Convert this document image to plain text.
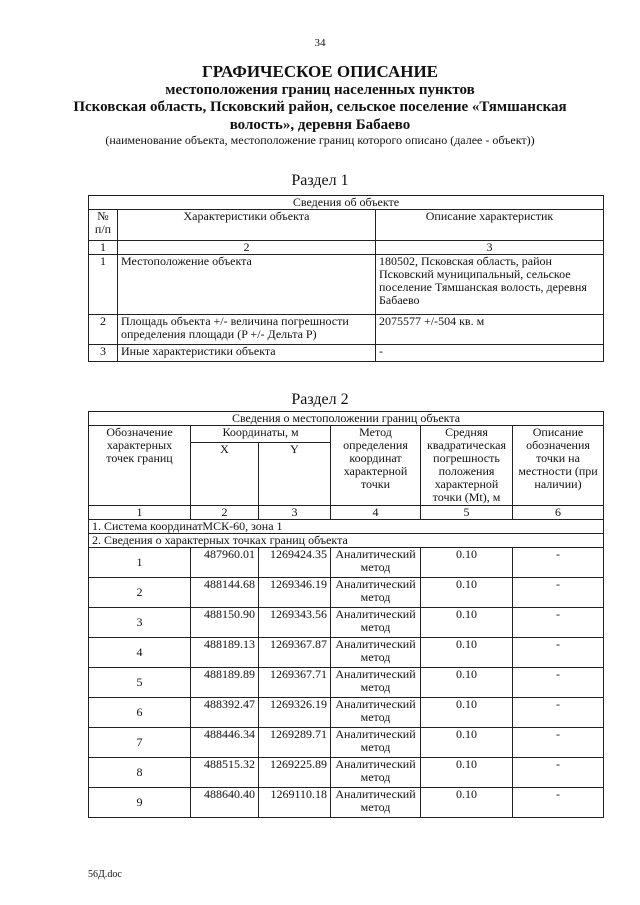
34
ГРАФИЧЕСКОЕ ОПИСАНИЕ
местоположения границ населенных пунктов
Псковская область, Псковский район, сельское поселение «Тямшанская
волость», деревня Бабаево
(наименование объекта, местоположение границ которого описано (далее - объект))
Раздел 1
Сведения об объекте		
№ п/п	Характеристики объекта	Описание характеристик
1	2	3
1	Местоположение объекта	180502, Псковская область, район Псковский муниципальный, сельское поселение Тямшанская волость, деревня Бабаево
2	Площадь объекта +/- величина погрешности определения площади (P +/- Дельта P)	2075577 +/-504 кв. м
3	Иные характеристики объекта	-
Раздел 2
Сведения о местоположении границ объекта					
Обозначение характерных точек границ	Координаты, м		Метод определения координат характерной точки	Средняя квадратическая погрешность положения характерной точки (Mt), м	Описание обозначения точки на местности (при наличии)
	X	Y			
1	2	3	4	5	6
1. Система координатМСК-60, зона 1					
2. Сведения о характерных точках границ объекта					
1	487960.01	1269424.35	Аналитический метод	0.10	-
2	488144.68	1269346.19	Аналитический метод	0.10	-
3	488150.90	1269343.56	Аналитический метод	0.10	-
4	488189.13	1269367.87	Аналитический метод	0.10	-
5	488189.89	1269367.71	Аналитический метод	0.10	-
6	488392.47	1269326.19	Аналитический метод	0.10	-
7	488446.34	1269289.71	Аналитический метод	0.10	-
8	488515.32	1269225.89	Аналитический метод	0.10	-
9	488640.40	1269110.18	Аналитический метод	0.10	-
56Д.doc
